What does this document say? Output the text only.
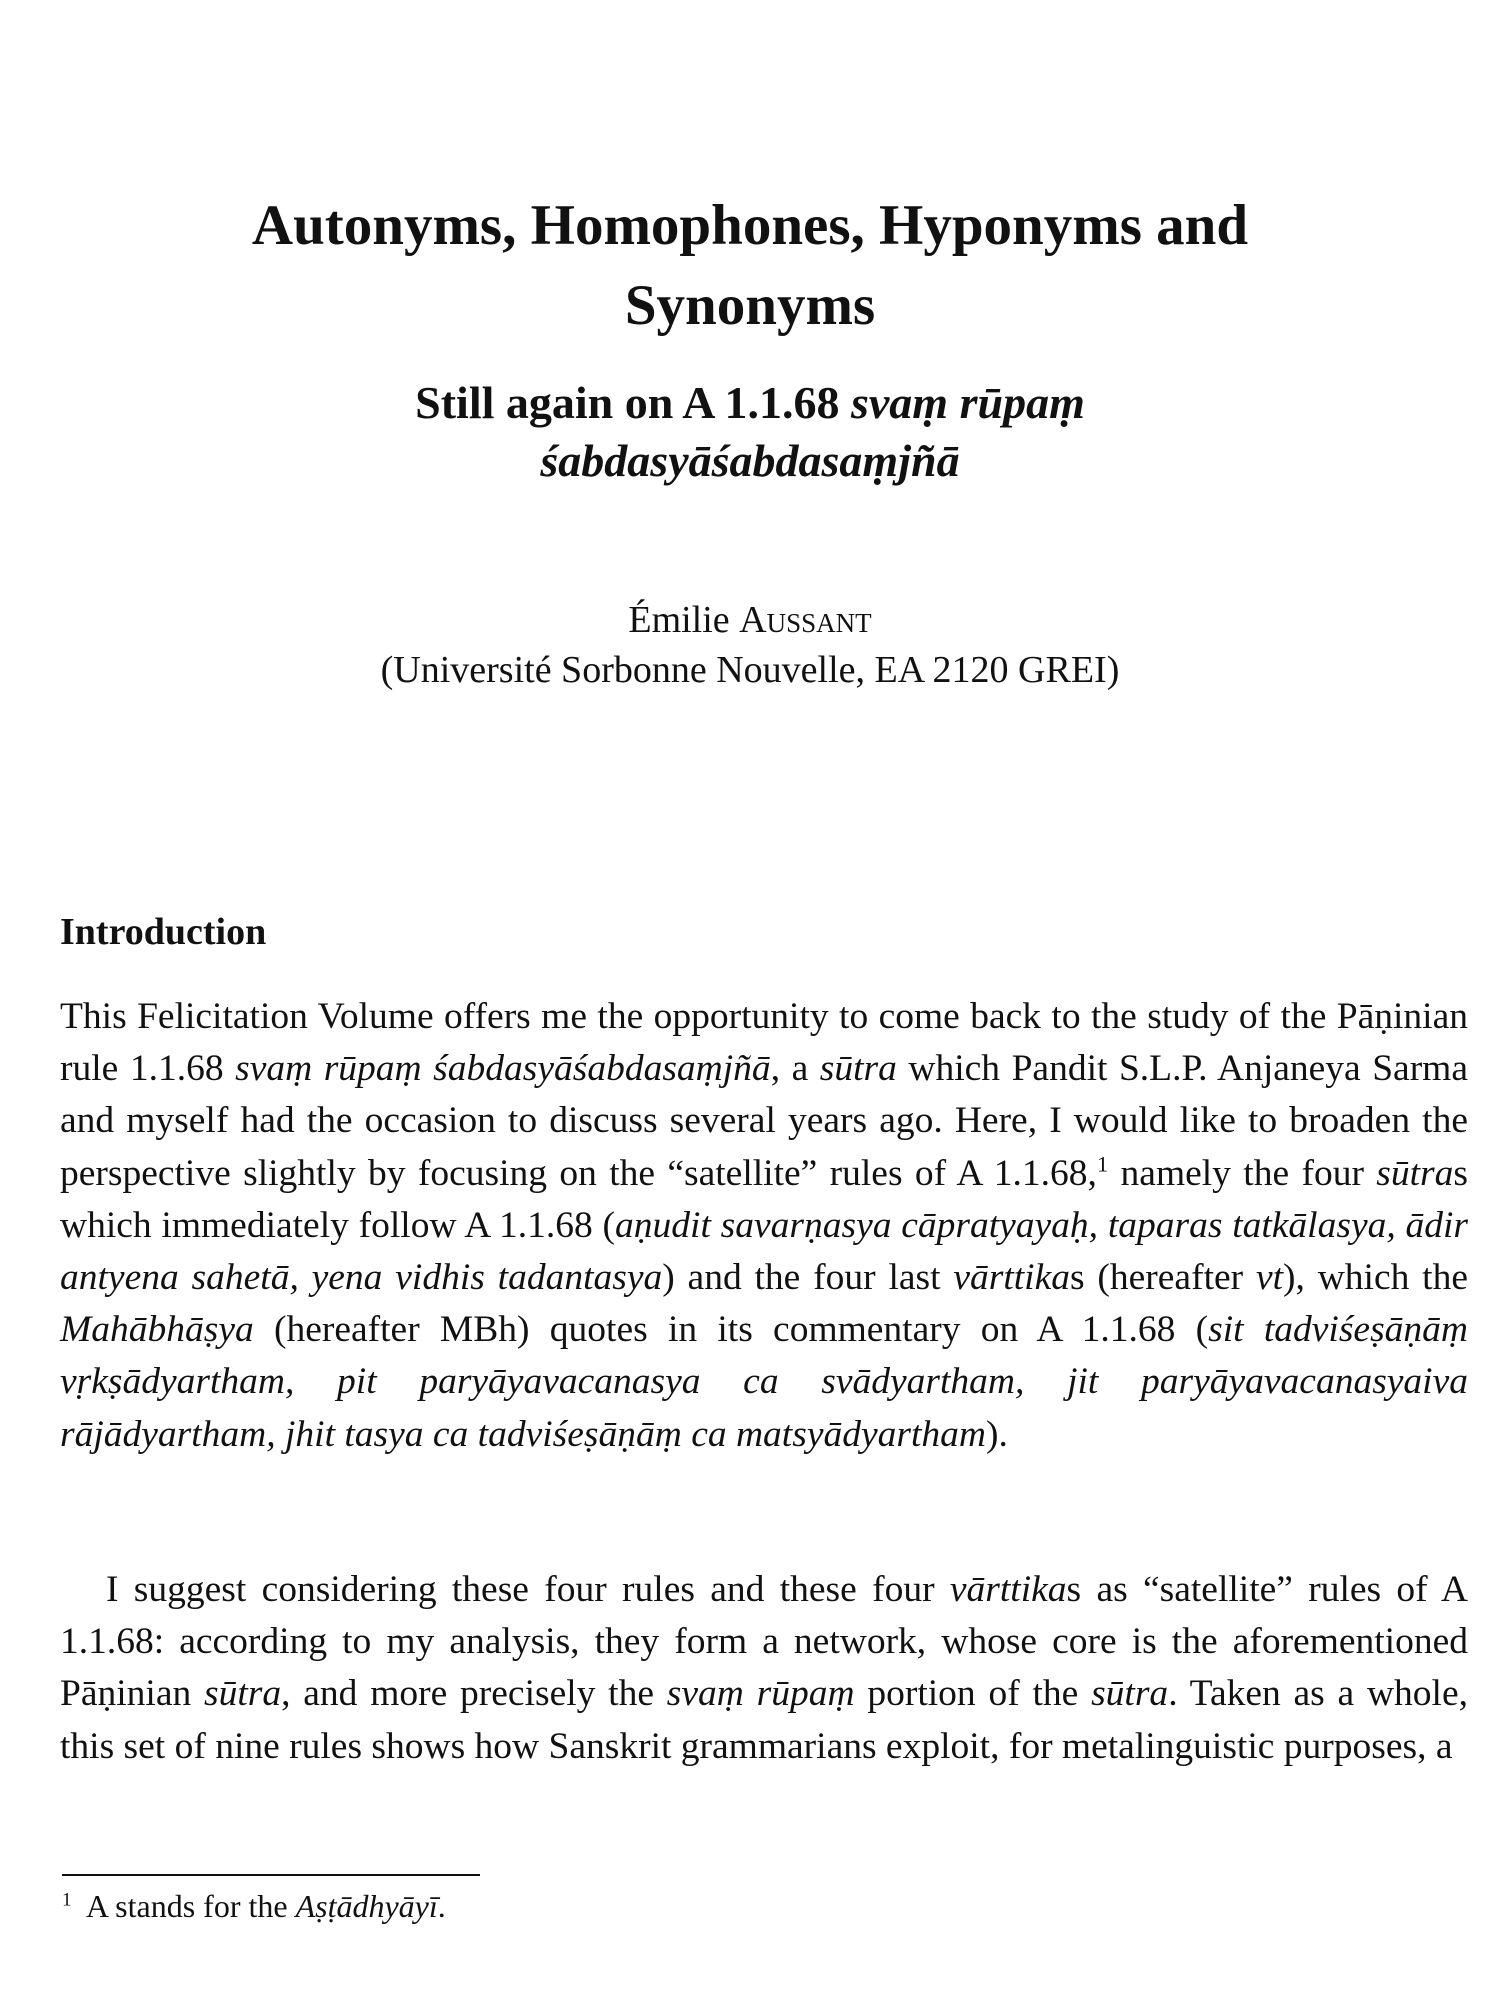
Autonyms, Homophones, Hyponyms and
Synonyms
Still again on A 1.1.68 svaṃ rūpaṃ
śabdasyāśabdasaṃjñā

Émilie Aussant

(Université Sorbonne Nouvelle, EA 2120 GREI)

Introduction

This Felicitation Volume offers me the opportunity to come back to the study of the Pāṇinian rule 1.1.68 svaṃ rūpaṃ śabdasyāśabdasaṃjñā, a sūtra which Pandit S.L.P. Anjaneya Sarma and myself had the occasion to discuss several years ago. Here, I would like to broaden the perspective slightly by focusing on the “satellite” rules of A 1.1.68,$^1$ namely the four sūtras which immediately follow A 1.1.68 (aṇudit savarṇasya cāpratyayaḥ, taparas tatkālasya, ādir antyena sahetā, yena vidhis tadantasya) and the four last vārttikas (hereafter vt), which the Mahābhāṣya (hereafter MBh) quotes in its commentary on A 1.1.68 (sit tadviśeṣāṇāṃ vṛkṣādyartham, pit paryāyavacanasya ca svādyartham, jit paryāyavacanasyaiva rājādyartham, jhit tasya ca tadviśeṣāṇāṃ ca matsyādyartham).

I suggest considering these four rules and these four vārttikas as “satellite” rules of A 1.1.68: according to my analysis, they form a network, whose core is the aforementioned Pāṇinian sūtra, and more precisely the svaṃ rūpaṃ portion of the sūtra. Taken as a whole, this set of nine rules shows how Sanskrit grammarians exploit, for metalinguistic purposes, a

$^1$ A stands for the Aṣṭādhyāyī.
